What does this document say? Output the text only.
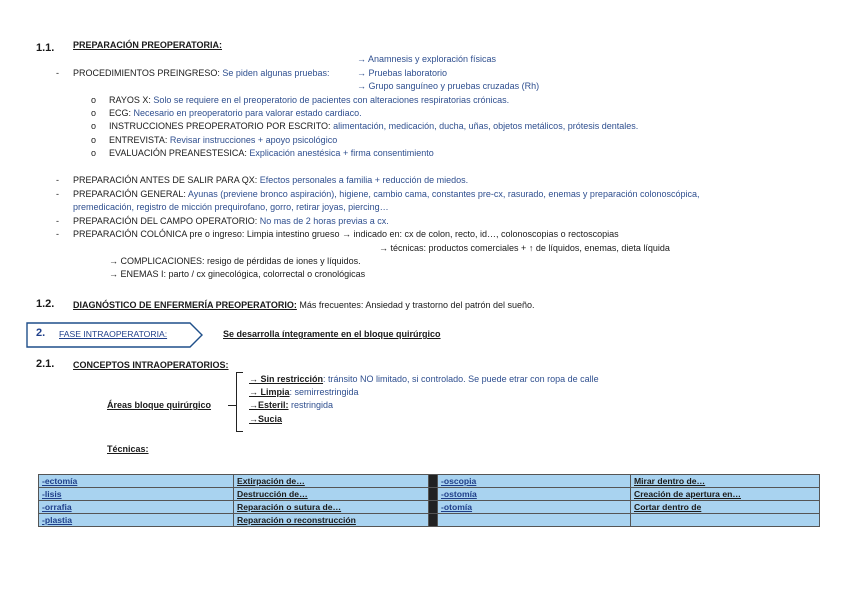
1.1. PREPARACIÓN PREOPERATORIA:
→ Anamnesis y exploración físicas
- PROCEDIMIENTOS PREINGRESO: Se piden algunas pruebas:	→ Pruebas laboratorio
→ Grupo sanguíneo y pruebas cruzadas (Rh)
o RAYOS X: Solo se requiere en el preoperatorio de pacientes con alteraciones respiratorias crónicas.
o ECG: Necesario en preoperatorio para valorar estado cardiaco.
o INSTRUCCIONES PREOPERATORIO POR ESCRITO: alimentación, medicación, ducha, uñas, objetos metálicos, prótesis dentales.
o ENTREVISTA: Revisar instrucciones + apoyo psicológico
o EVALUACIÓN PREANESTESICA: Explicación anestésica + firma consentimiento
- PREPARACIÓN ANTES DE SALIR PARA QX: Efectos personales a familia + reducción de miedos.
- PREPARACIÓN GENERAL: Ayunas (previene bronco aspiración), higiene, cambio cama, constantes pre-cx, rasurado, enemas y preparación colonoscópica,
premedicación, registro de micción prequirofano, gorro, retirar joyas, piercing…
- PREPARACIÓN DEL CAMPO OPERATORIO: No mas de 2 horas previas a cx.
- PREPARACIÓN COLÓNICA pre o ingreso: Limpia intestino grueso → indicado en: cx de colon, recto, id…, colonoscopias o rectoscopias
→ técnicas: productos comerciales + ↑ de líquidos, enemas, dieta líquida
→ COMPLICACIONES: resigo de pérdidas de iones y líquidos.
→ ENEMAS I: parto / cx ginecológica, colorrectal o cronológicas
1.2. DIAGNÓSTICO DE ENFERMERÍA PREOPERATORIO: Más frecuentes: Ansiedad y trastorno del patrón del sueño.
2. FASE INTRAOPERATORIA:	Se desarrolla íntegramente en el bloque quirúrgico
2.1. CONCEPTOS INTRAOPERATORIOS:
Áreas bloque quirúrgico
→ Sin restricción: tránsito NO limitado, si controlado. Se puede etrar con ropa de calle
→ Limpia: semirrestringida
→Esteril: restringida
→Sucia
Técnicas:
-ectomía	Extirpación de…		-oscopia	Mirar dentro de…
-lisis	Destrucción de…		-ostomía	Creación de apertura en…
-orrafia	Reparación o sutura de…		-otomía	Cortar dentro de
-plastia	Reparación o reconstrucción			
